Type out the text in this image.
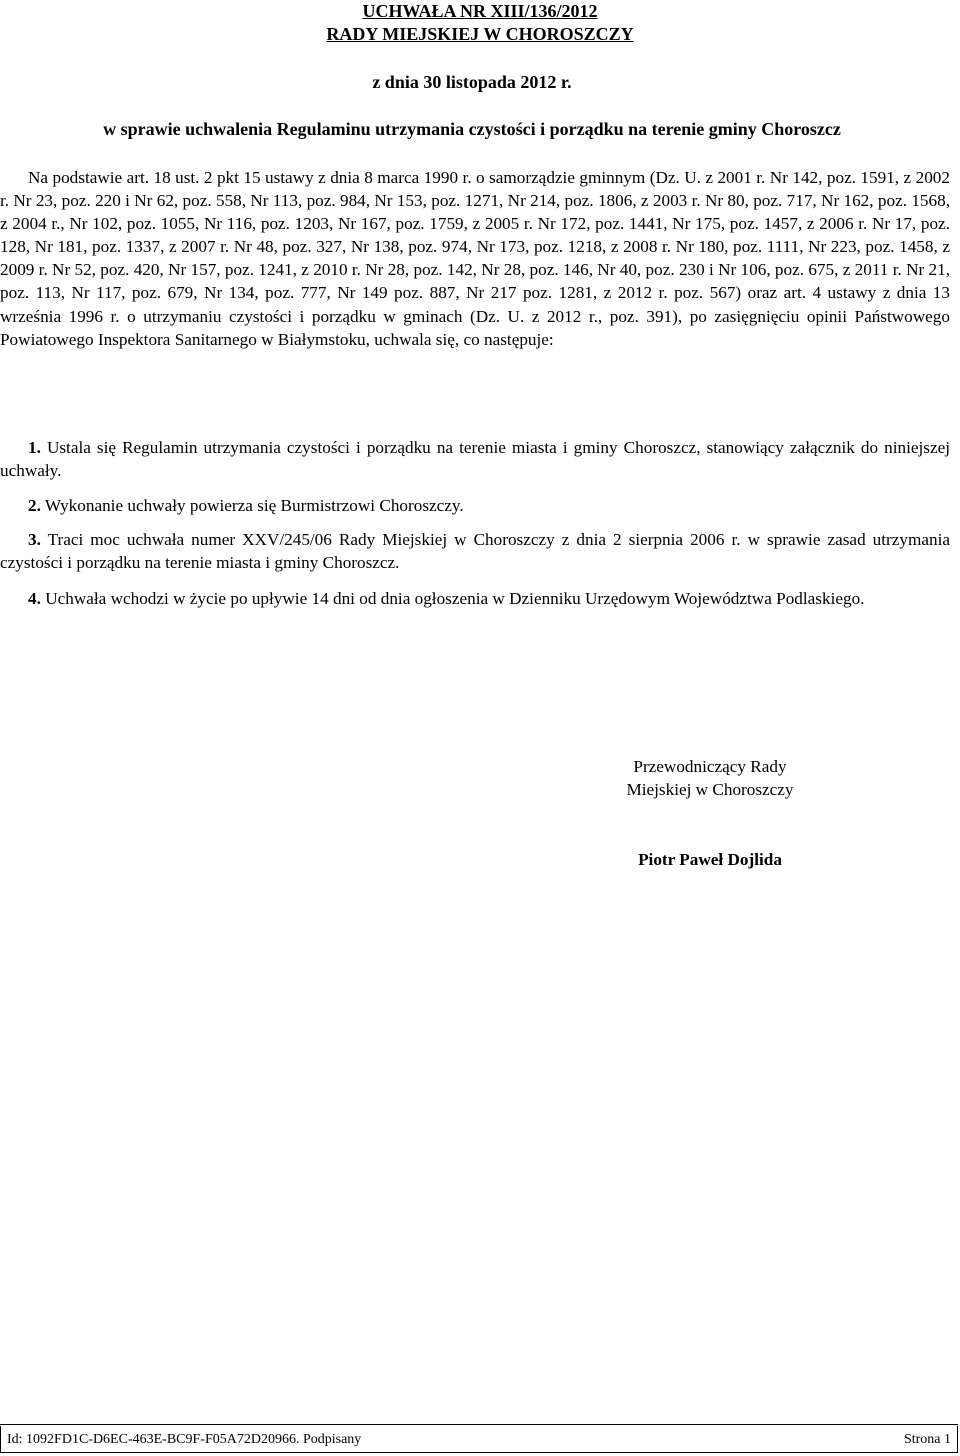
UCHWAŁA NR XIII/136/2012
RADY MIEJSKIEJ W CHOROSZCZY
z dnia 30 listopada 2012 r.
w sprawie uchwalenia Regulaminu utrzymania czystości i porządku na terenie gminy Choroszcz

Na podstawie art. 18 ust. 2 pkt 15 ustawy z dnia 8 marca 1990 r. o samorządzie gminnym (Dz. U. z 2001 r. Nr 142, poz. 1591, z 2002 r. Nr 23, poz. 220 i Nr 62, poz. 558, Nr 113, poz. 984, Nr 153, poz. 1271, Nr 214, poz. 1806, z 2003 r. Nr 80, poz. 717, Nr 162, poz. 1568, z 2004 r., Nr 102, poz. 1055, Nr 116, poz. 1203, Nr 167, poz. 1759, z 2005 r. Nr 172, poz. 1441, Nr 175, poz. 1457, z 2006 r. Nr 17, poz. 128, Nr 181, poz. 1337, z 2007 r. Nr 48, poz. 327, Nr 138, poz. 974, Nr 173, poz. 1218, z 2008 r. Nr 180, poz. 1111, Nr 223, poz. 1458, z 2009 r. Nr 52, poz. 420, Nr 157, poz. 1241, z 2010 r. Nr 28, poz. 142, Nr 28, poz. 146, Nr 40, poz. 230 i Nr 106, poz. 675, z 2011 r. Nr 21, poz. 113, Nr 117, poz. 679, Nr 134, poz. 777, Nr 149 poz. 887, Nr 217 poz. 1281, z 2012 r. poz. 567) oraz art. 4 ustawy z dnia 13 września 1996 r. o utrzymaniu czystości i porządku w gminach (Dz. U. z 2012 r., poz. 391), po zasięgnięciu opinii Państwowego Powiatowego Inspektora Sanitarnego w Białymstoku, uchwala się, co następuje:

1. Ustala się Regulamin utrzymania czystości i porządku na terenie miasta i gminy Choroszcz, stanowiący załącznik do niniejszej uchwały.

2. Wykonanie uchwały powierza się Burmistrzowi Choroszczy.

3. Traci moc uchwała numer XXV/245/06 Rady Miejskiej w Choroszczy z dnia 2 sierpnia 2006 r. w sprawie zasad utrzymania czystości i porządku na terenie miasta i gminy Choroszcz.

4. Uchwała wchodzi w życie po upływie 14 dni od dnia ogłoszenia w Dzienniku Urzędowym Województwa Podlaskiego.

Przewodniczący Rady
Miejskiej w Choroszczy
Piotr Paweł Dojlida
Id: 1092FD1C-D6EC-463E-BC9F-F05A72D20966. Podpisany	Strona 1
